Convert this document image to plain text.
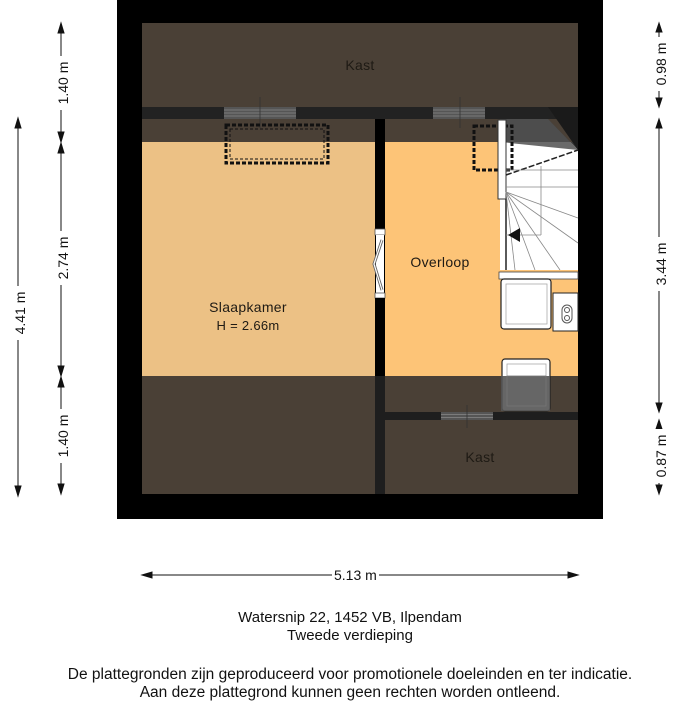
Kast
Slaapkamer
H = 2.66m
Overloop
Kast
4.41 m
1.40 m
2.74 m
1.40 m
0.98 m
3.44 m
0.87 m
5.13 m
Watersnip 22, 1452 VB, Ilpendam
Tweede verdieping
De plattegronden zijn geproduceerd voor promotionele doeleinden en ter indicatie.
Aan deze plattegrond kunnen geen rechten worden ontleend.
